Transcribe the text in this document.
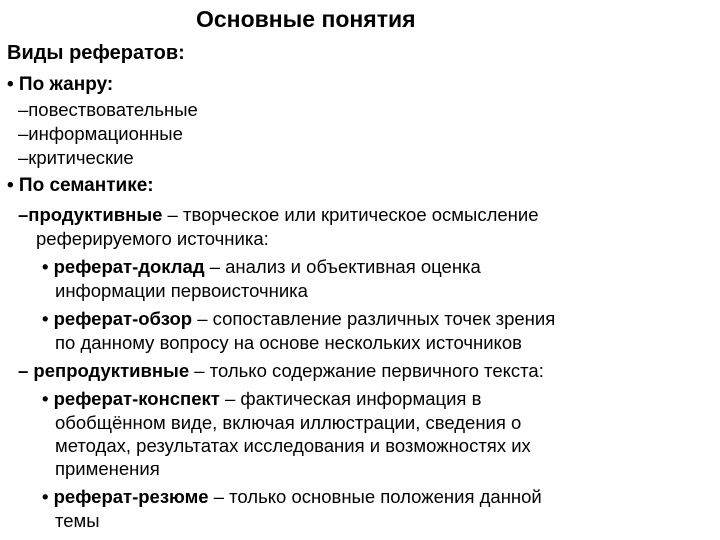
Основные понятия
Виды рефератов:
• По жанру:
–повествовательные
–информационные
–критические
• По семантике:
–продуктивные – творческое или критическое осмысление
реферируемого источника:
• реферат-доклад – анализ и объективная оценка
информации первоисточника
• реферат-обзор – сопоставление различных точек зрения
по данному вопросу на основе нескольких источников
– репродуктивные – только содержание первичного текста:
• реферат-конспект – фактическая информация в
обобщённом виде, включая иллюстрации, сведения о
методах, результатах исследования и возможностях их
применения
• реферат-резюме – только основные положения данной
темы
